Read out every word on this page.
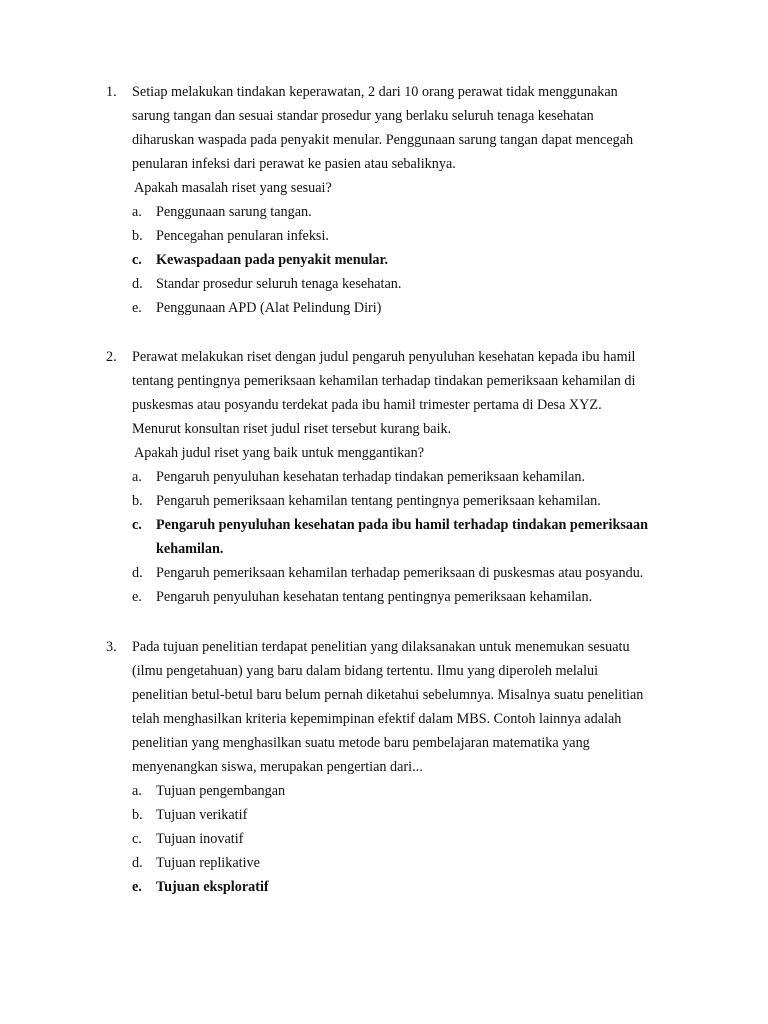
1. Setiap melakukan tindakan keperawatan, 2 dari 10 orang perawat tidak menggunakan
sarung tangan dan sesuai standar prosedur yang berlaku seluruh tenaga kesehatan
diharuskan waspada pada penyakit menular. Penggunaan sarung tangan dapat mencegah
penularan infeksi dari perawat ke pasien atau sebaliknya.
Apakah masalah riset yang sesuai?
a. Penggunaan sarung tangan.
b. Pencegahan penularan infeksi.
c. Kewaspadaan pada penyakit menular.
d. Standar prosedur seluruh tenaga kesehatan.
e. Penggunaan APD (Alat Pelindung Diri)
2. Perawat melakukan riset dengan judul pengaruh penyuluhan kesehatan kepada ibu hamil
tentang pentingnya pemeriksaan kehamilan terhadap tindakan pemeriksaan kehamilan di
puskesmas atau posyandu terdekat pada ibu hamil trimester pertama di Desa XYZ.
Menurut konsultan riset judul riset tersebut kurang baik.
Apakah judul riset yang baik untuk menggantikan?
a. Pengaruh penyuluhan kesehatan terhadap tindakan pemeriksaan kehamilan.
b. Pengaruh pemeriksaan kehamilan tentang pentingnya pemeriksaan kehamilan.
c. Pengaruh penyuluhan kesehatan pada ibu hamil terhadap tindakan pemeriksaan
kehamilan.
d. Pengaruh pemeriksaan kehamilan terhadap pemeriksaan di puskesmas atau posyandu.
e. Pengaruh penyuluhan kesehatan tentang pentingnya pemeriksaan kehamilan.
3. Pada tujuan penelitian terdapat penelitian yang dilaksanakan untuk menemukan sesuatu
(ilmu pengetahuan) yang baru dalam bidang tertentu. Ilmu yang diperoleh melalui
penelitian betul-betul baru belum pernah diketahui sebelumnya. Misalnya suatu penelitian
telah menghasilkan kriteria kepemimpinan efektif dalam MBS. Contoh lainnya adalah
penelitian yang menghasilkan suatu metode baru pembelajaran matematika yang
menyenangkan siswa, merupakan pengertian dari...
a. Tujuan pengembangan
b. Tujuan verikatif
c. Tujuan inovatif
d. Tujuan replikative
e. Tujuan eksploratif
